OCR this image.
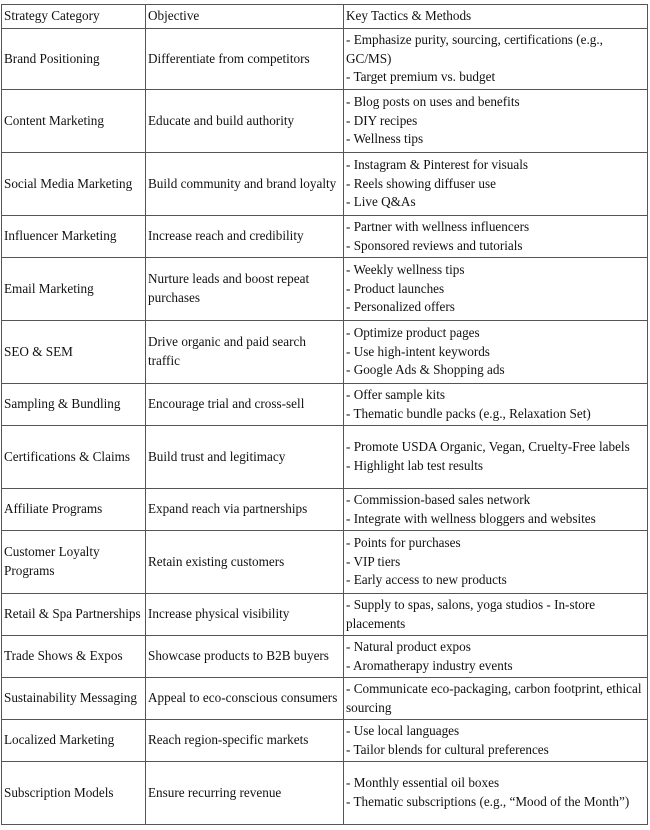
Strategy Category	Objective	Key Tactics & Methods
Brand Positioning	Differentiate from competitors	- Emphasize purity, sourcing, certifications (e.g., GC/MS)
- Target premium vs. budget

Content Marketing	Educate and build authority	- Blog posts on uses and benefits
- DIY recipes
- Wellness tips

Social Media Marketing	Build community and brand loyalty	- Instagram & Pinterest for visuals
- Reels showing diffuser use
- Live Q&As

Influencer Marketing	Increase reach and credibility	- Partner with wellness influencers
- Sponsored reviews and tutorials

Email Marketing	Nurture leads and boost repeat purchases	- Weekly wellness tips
- Product launches
- Personalized offers

SEO & SEM	Drive organic and paid search traffic	- Optimize product pages
- Use high-intent keywords
- Google Ads & Shopping ads

Sampling & Bundling	Encourage trial and cross-sell	- Offer sample kits
- Thematic bundle packs (e.g., Relaxation Set)

Certifications & Claims	Build trust and legitimacy	- Promote USDA Organic, Vegan, Cruelty-Free labels
- Highlight lab test results

Affiliate Programs	Expand reach via partnerships	- Commission-based sales network
- Integrate with wellness bloggers and websites

Customer Loyalty Programs	Retain existing customers	- Points for purchases
- VIP tiers
- Early access to new products

Retail & Spa Partnerships	Increase physical visibility	- Supply to spas, salons, yoga studios - In-store placements

Trade Shows & Expos	Showcase products to B2B buyers	- Natural product expos
- Aromatherapy industry events

Sustainability Messaging	Appeal to eco-conscious consumers	- Communicate eco-packaging, carbon footprint, ethical sourcing

Localized Marketing	Reach region-specific markets	- Use local languages
- Tailor blends for cultural preferences

Subscription Models	Ensure recurring revenue	- Monthly essential oil boxes
- Thematic subscriptions (e.g., “Mood of the Month”)
